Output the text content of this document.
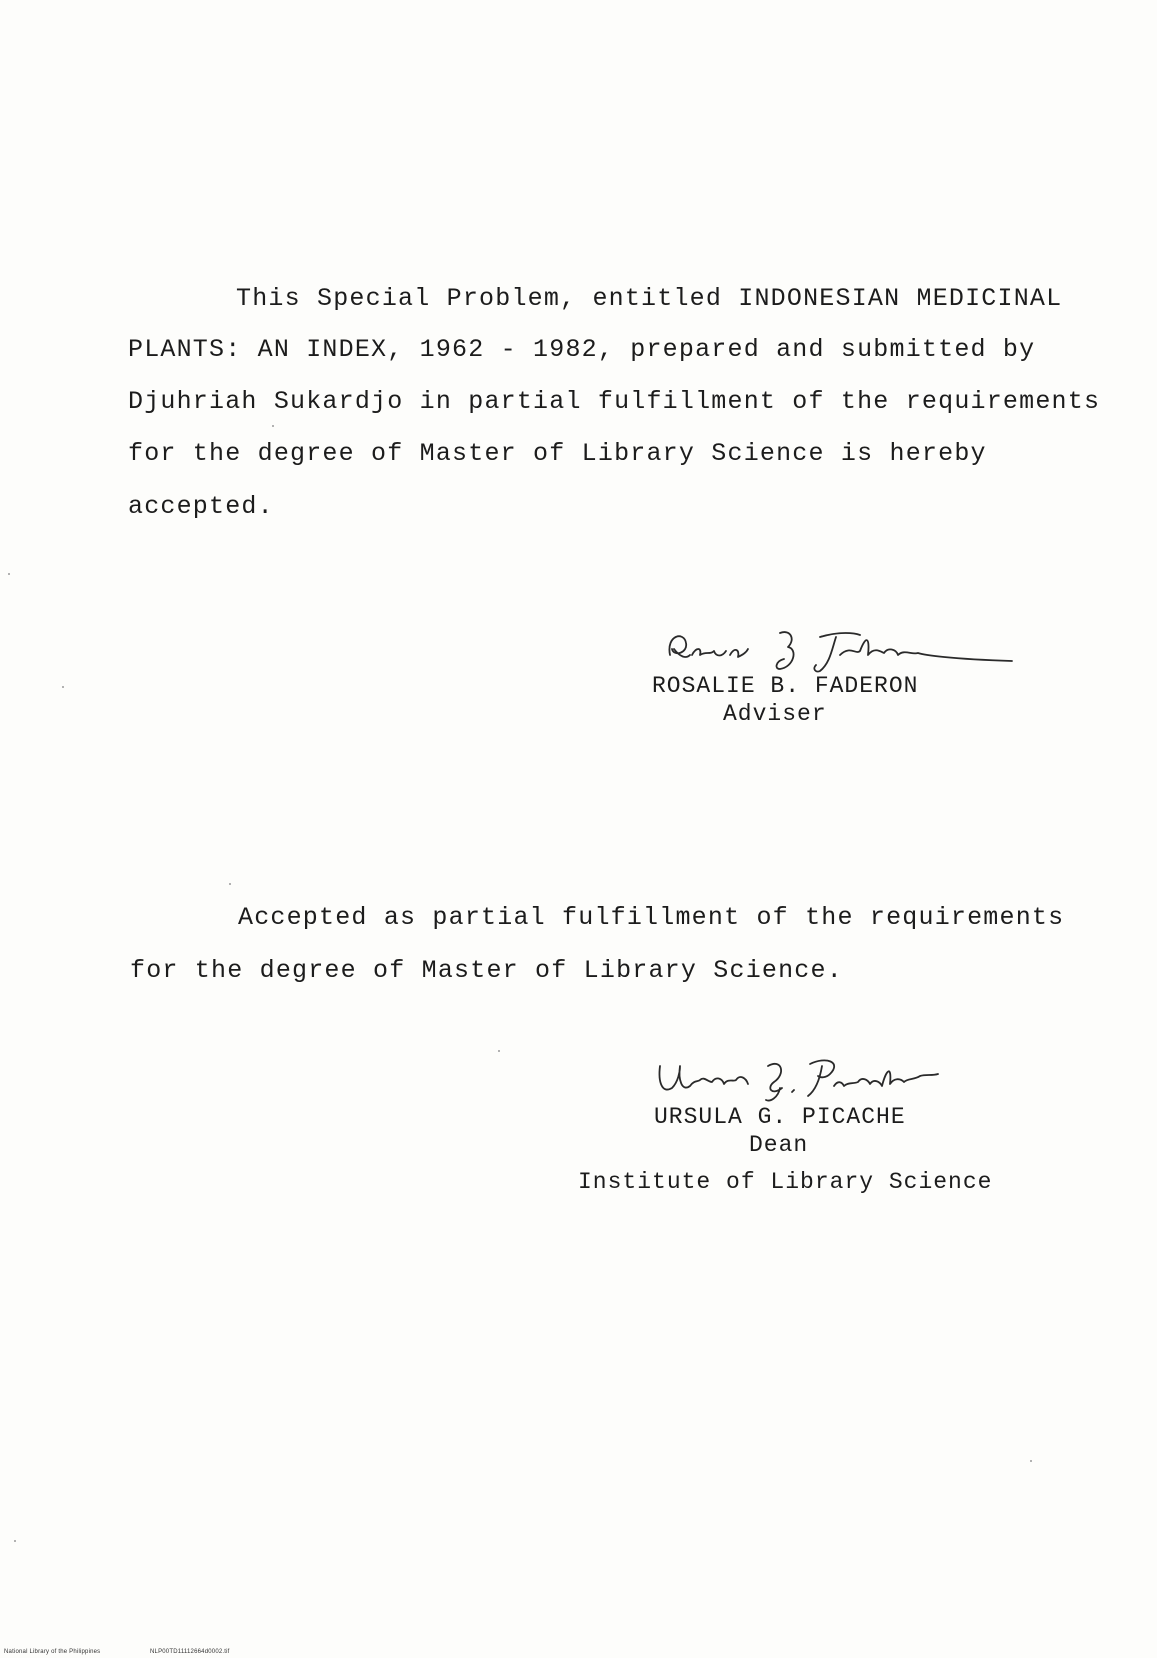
This Special Problem, entitled INDONESIAN MEDICINAL
PLANTS: AN INDEX, 1962 - 1982, prepared and submitted by
Djuhriah Sukardjo in partial fulfillment of the requirements
for the degree of Master of Library Science is hereby
accepted.
ROSALIE B. FADERON
Adviser
Accepted as partial fulfillment of the requirements
for the degree of Master of Library Science.
URSULA G. PICACHE
Dean
Institute of Library Science
National Library of the Philippines	NLP00TD11112664d0002.tif
